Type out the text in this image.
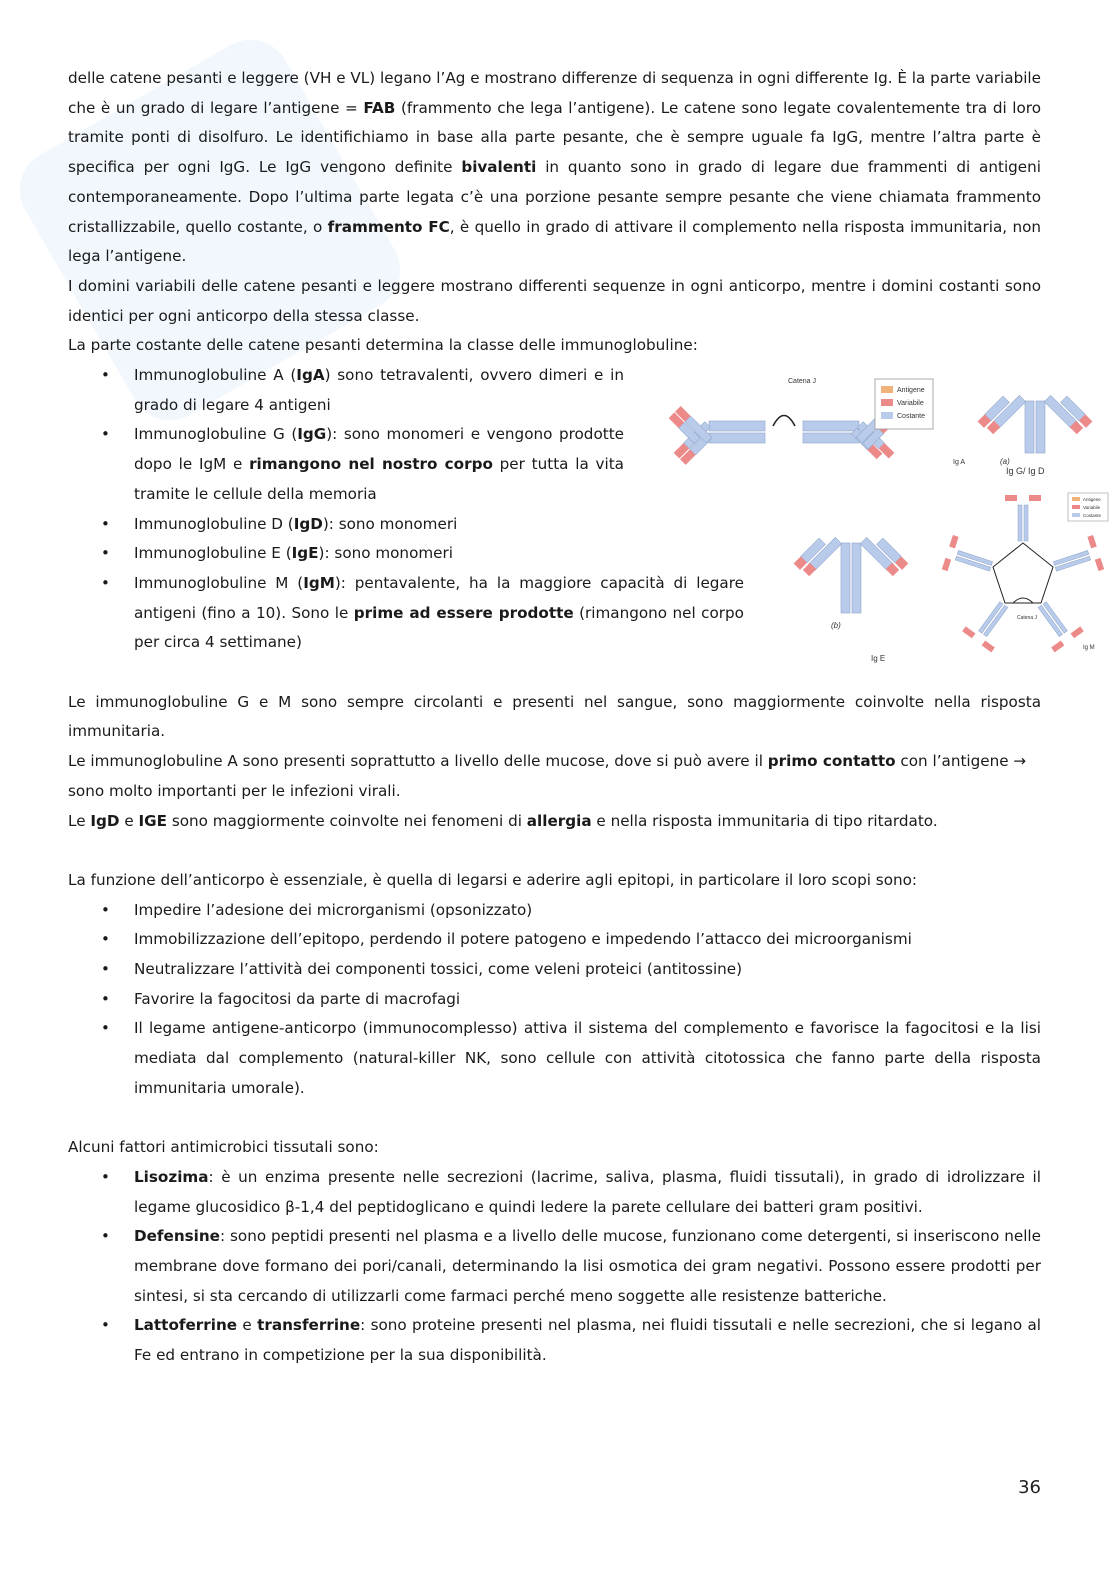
delle catene pesanti e leggere (VH e VL) legano l’Ag e mostrano differenze di sequenza in ogni differente Ig. È la parte variabile che è un grado di legare l’antigene = FAB (frammento che lega l’antigene). Le catene sono legate covalentemente tra di loro tramite ponti di disolfuro. Le identifichiamo in base alla parte pesante, che è sempre uguale fa IgG, mentre l’altra parte è specifica per ogni IgG. Le IgG vengono definite bivalenti in quanto sono in grado di legare due frammenti di antigeni contemporaneamente. Dopo l’ultima parte legata c’è una porzione pesante sempre pesante che viene chiamata frammento cristallizzabile, quello costante, o frammento FC, è quello in grado di attivare il complemento nella risposta immunitaria, non lega l’antigene.

I domini variabili delle catene pesanti e leggere mostrano differenti sequenze in ogni anticorpo, mentre i domini costanti sono identici per ogni anticorpo della stessa classe.

La parte costante delle catene pesanti determina la classe delle immunoglobuline:

• Immunoglobuline A (IgA) sono tetravalenti, ovvero dimeri e in grado di legare 4 antigeni
• Immunoglobuline G (IgG): sono monomeri e vengono prodotte dopo le IgM e rimangono nel nostro corpo per tutta la vita tramite le cellule della memoria
• Immunoglobuline D (IgD): sono monomeri
• Immunoglobuline E (IgE): sono monomeri
• Immunoglobuline M (IgM): pentavalente, ha la maggiore capacità di legare antigeni (fino a 10). Sono le prime ad essere prodotte (rimangono nel corpo per circa 4 settimane)
Catena J
Antigene
Variabile
Costante
Ig A	(a)
Ig G/ Ig D
(b)
Ig E
Antigene
Variabile
Costante
Catena J
Ig M

Le immunoglobuline G e M sono sempre circolanti e presenti nel sangue, sono maggiormente coinvolte nella risposta immunitaria.

Le immunoglobuline A sono presenti soprattutto a livello delle mucose, dove si può avere il primo contatto con l’antigene → sono molto importanti per le infezioni virali.

Le IgD e IGE sono maggiormente coinvolte nei fenomeni di allergia e nella risposta immunitaria di tipo ritardato.

La funzione dell’anticorpo è essenziale, è quella di legarsi e aderire agli epitopi, in particolare il loro scopi sono:

• Impedire l’adesione dei microrganismi (opsonizzato)
• Immobilizzazione dell’epitopo, perdendo il potere patogeno e impedendo l’attacco dei microorganismi
• Neutralizzare l’attività dei componenti tossici, come veleni proteici (antitossine)
• Favorire la fagocitosi da parte di macrofagi
• Il legame antigene-anticorpo (immunocomplesso) attiva il sistema del complemento e favorisce la fagocitosi e la lisi mediata dal complemento (natural-killer NK, sono cellule con attività citotossica che fanno parte della risposta immunitaria umorale).

Alcuni fattori antimicrobici tissutali sono:

• Lisozima: è un enzima presente nelle secrezioni (lacrime, saliva, plasma, fluidi tissutali), in grado di idrolizzare il legame glucosidico β-1,4 del peptidoglicano e quindi ledere la parete cellulare dei batteri gram positivi.
• Defensine: sono peptidi presenti nel plasma e a livello delle mucose, funzionano come detergenti, si inseriscono nelle membrane dove formano dei pori/canali, determinando la lisi osmotica dei gram negativi. Possono essere prodotti per sintesi, si sta cercando di utilizzarli come farmaci perché meno soggette alle resistenze batteriche.
• Lattoferrine e transferrine: sono proteine presenti nel plasma, nei fluidi tissutali e nelle secrezioni, che si legano al Fe ed entrano in competizione per la sua disponibilità.
36
